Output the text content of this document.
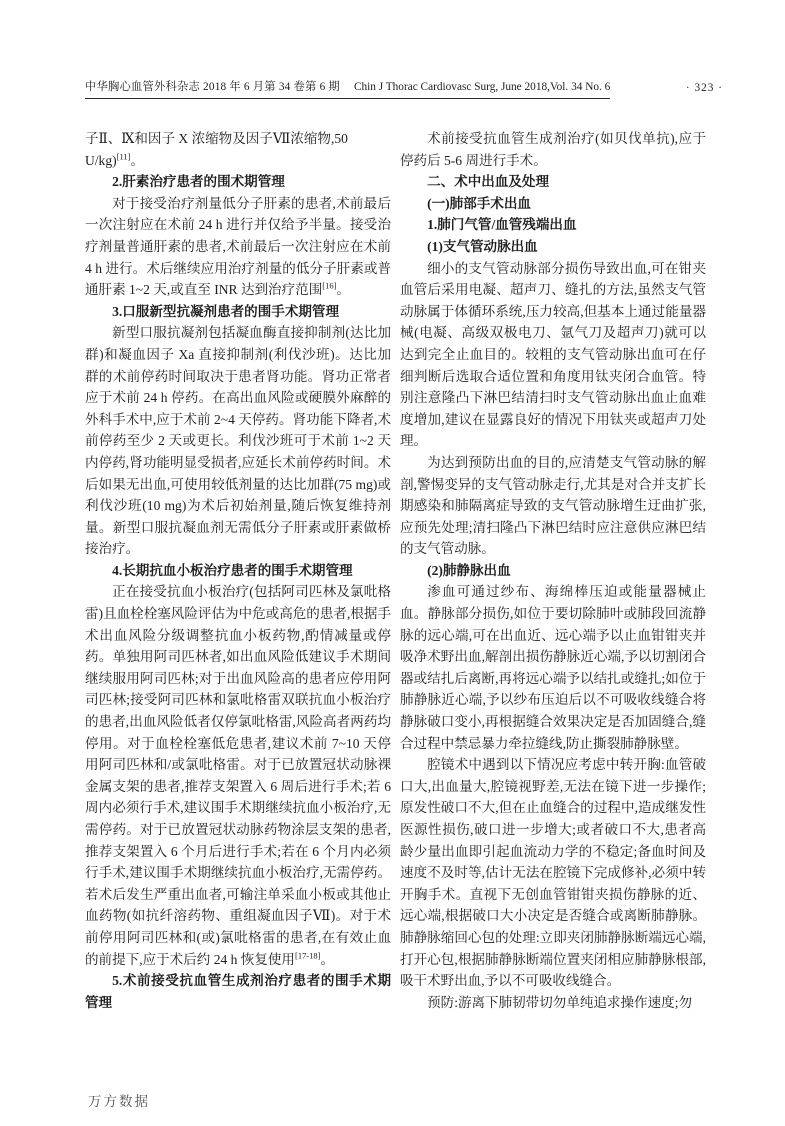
中华胸心血管外科杂志 2018 年 6 月第 34 卷第 6 期 Chin J Thorac Cardiovasc Surg, June 2018,Vol. 34 No. 6	· 323 ·

子Ⅱ、Ⅸ和因子 X 浓缩物及因子Ⅶ浓缩物,50

U/kg)[11]。

2.肝素治疗患者的围术期管理

对于接受治疗剂量低分子肝素的患者,术前最后一次注射应在术前 24 h 进行并仅给予半量。接受治疗剂量普通肝素的患者,术前最后一次注射应在术前 4 h 进行。术后继续应用治疗剂量的低分子肝素或普通肝素 1~2 天,或直至 INR 达到治疗范围[16]。

3.口服新型抗凝剂患者的围手术期管理

新型口服抗凝剂包括凝血酶直接抑制剂(达比加群)和凝血因子 Xa 直接抑制剂(利伐沙班)。达比加群的术前停药时间取决于患者肾功能。肾功正常者应于术前 24 h 停药。在高出血风险或硬膜外麻醉的外科手术中,应于术前 2~4 天停药。肾功能下降者,术前停药至少 2 天或更长。利伐沙班可于术前 1~2 天内停药,肾功能明显受损者,应延长术前停药时间。术后如果无出血,可使用较低剂量的达比加群(75 mg)或利伐沙班(10 mg)为术后初始剂量,随后恢复维持剂量。新型口服抗凝血剂无需低分子肝素或肝素做桥接治疗。

4.长期抗血小板治疗患者的围手术期管理

正在接受抗血小板治疗(包括阿司匹林及氯吡格雷)且血栓栓塞风险评估为中危或高危的患者,根据手术出血风险分级调整抗血小板药物,酌情减量或停药。单独用阿司匹林者,如出血风险低建议手术期间继续服用阿司匹林;对于出血风险高的患者应停用阿司匹林;接受阿司匹林和氯吡格雷双联抗血小板治疗的患者,出血风险低者仅停氯吡格雷,风险高者两药均停用。对于血栓栓塞低危患者,建议术前 7~10 天停用阿司匹林和/或氯吡格雷。对于已放置冠状动脉裸金属支架的患者,推荐支架置入 6 周后进行手术;若 6 周内必须行手术,建议围手术期继续抗血小板治疗,无需停药。对于已放置冠状动脉药物涂层支架的患者,推荐支架置入 6 个月后进行手术;若在 6 个月内必须行手术,建议围手术期继续抗血小板治疗,无需停药。若术后发生严重出血者,可输注单采血小板或其他止血药物(如抗纤溶药物、重组凝血因子Ⅶ)。对于术前停用阿司匹林和(或)氯吡格雷的患者,在有效止血的前提下,应于术后约 24 h 恢复使用[17-18]。

5.术前接受抗血管生成剂治疗患者的围手术期管理

术前接受抗血管生成剂治疗(如贝伐单抗),应于停药后 5-6 周进行手术。

二、术中出血及处理

(一)肺部手术出血

1.肺门气管/血管残端出血

(1)支气管动脉出血

细小的支气管动脉部分损伤导致出血,可在钳夹血管后采用电凝、超声刀、缝扎的方法,虽然支气管动脉属于体循环系统,压力较高,但基本上通过能量器械(电凝、高级双极电刀、氩气刀及超声刀)就可以达到完全止血目的。较粗的支气管动脉出血可在仔细判断后选取合适位置和角度用钛夹闭合血管。特别注意隆凸下淋巴结清扫时支气管动脉出血止血难度增加,建议在显露良好的情况下用钛夹或超声刀处理。

为达到预防出血的目的,应清楚支气管动脉的解剖,警惕变异的支气管动脉走行,尤其是对合并支扩长期感染和肺隔离症导致的支气管动脉增生迂曲扩张,应预先处理;清扫隆凸下淋巴结时应注意供应淋巴结的支气管动脉。

(2)肺静脉出血

渗血可通过纱布、海绵棒压迫或能量器械止血。静脉部分损伤,如位于要切除肺叶或肺段回流静脉的远心端,可在出血近、远心端予以止血钳钳夹并吸净术野出血,解剖出损伤静脉近心端,予以切割闭合器或结扎后离断,再将远心端予以结扎或缝扎;如位于肺静脉近心端,予以纱布压迫后以不可吸收线缝合将静脉破口变小,再根据缝合效果决定是否加固缝合,缝合过程中禁忌暴力牵拉缝线,防止撕裂肺静脉壁。

腔镜术中遇到以下情况应考虑中转开胸:血管破口大,出血量大,腔镜视野差,无法在镜下进一步操作;原发性破口不大,但在止血缝合的过程中,造成继发性医源性损伤,破口进一步增大;或者破口不大,患者高龄少量出血即引起血流动力学的不稳定;备血时间及速度不及时等,估计无法在腔镜下完成修补,必须中转开胸手术。直视下无创血管钳钳夹损伤静脉的近、远心端,根据破口大小决定是否缝合或离断肺静脉。肺静脉缩回心包的处理:立即夹闭肺静脉断端远心端,打开心包,根据肺静脉断端位置夹闭相应肺静脉根部,吸干术野出血,予以不可吸收线缝合。

预防:游离下肺韧带切勿单纯追求操作速度;勿

万方数据
